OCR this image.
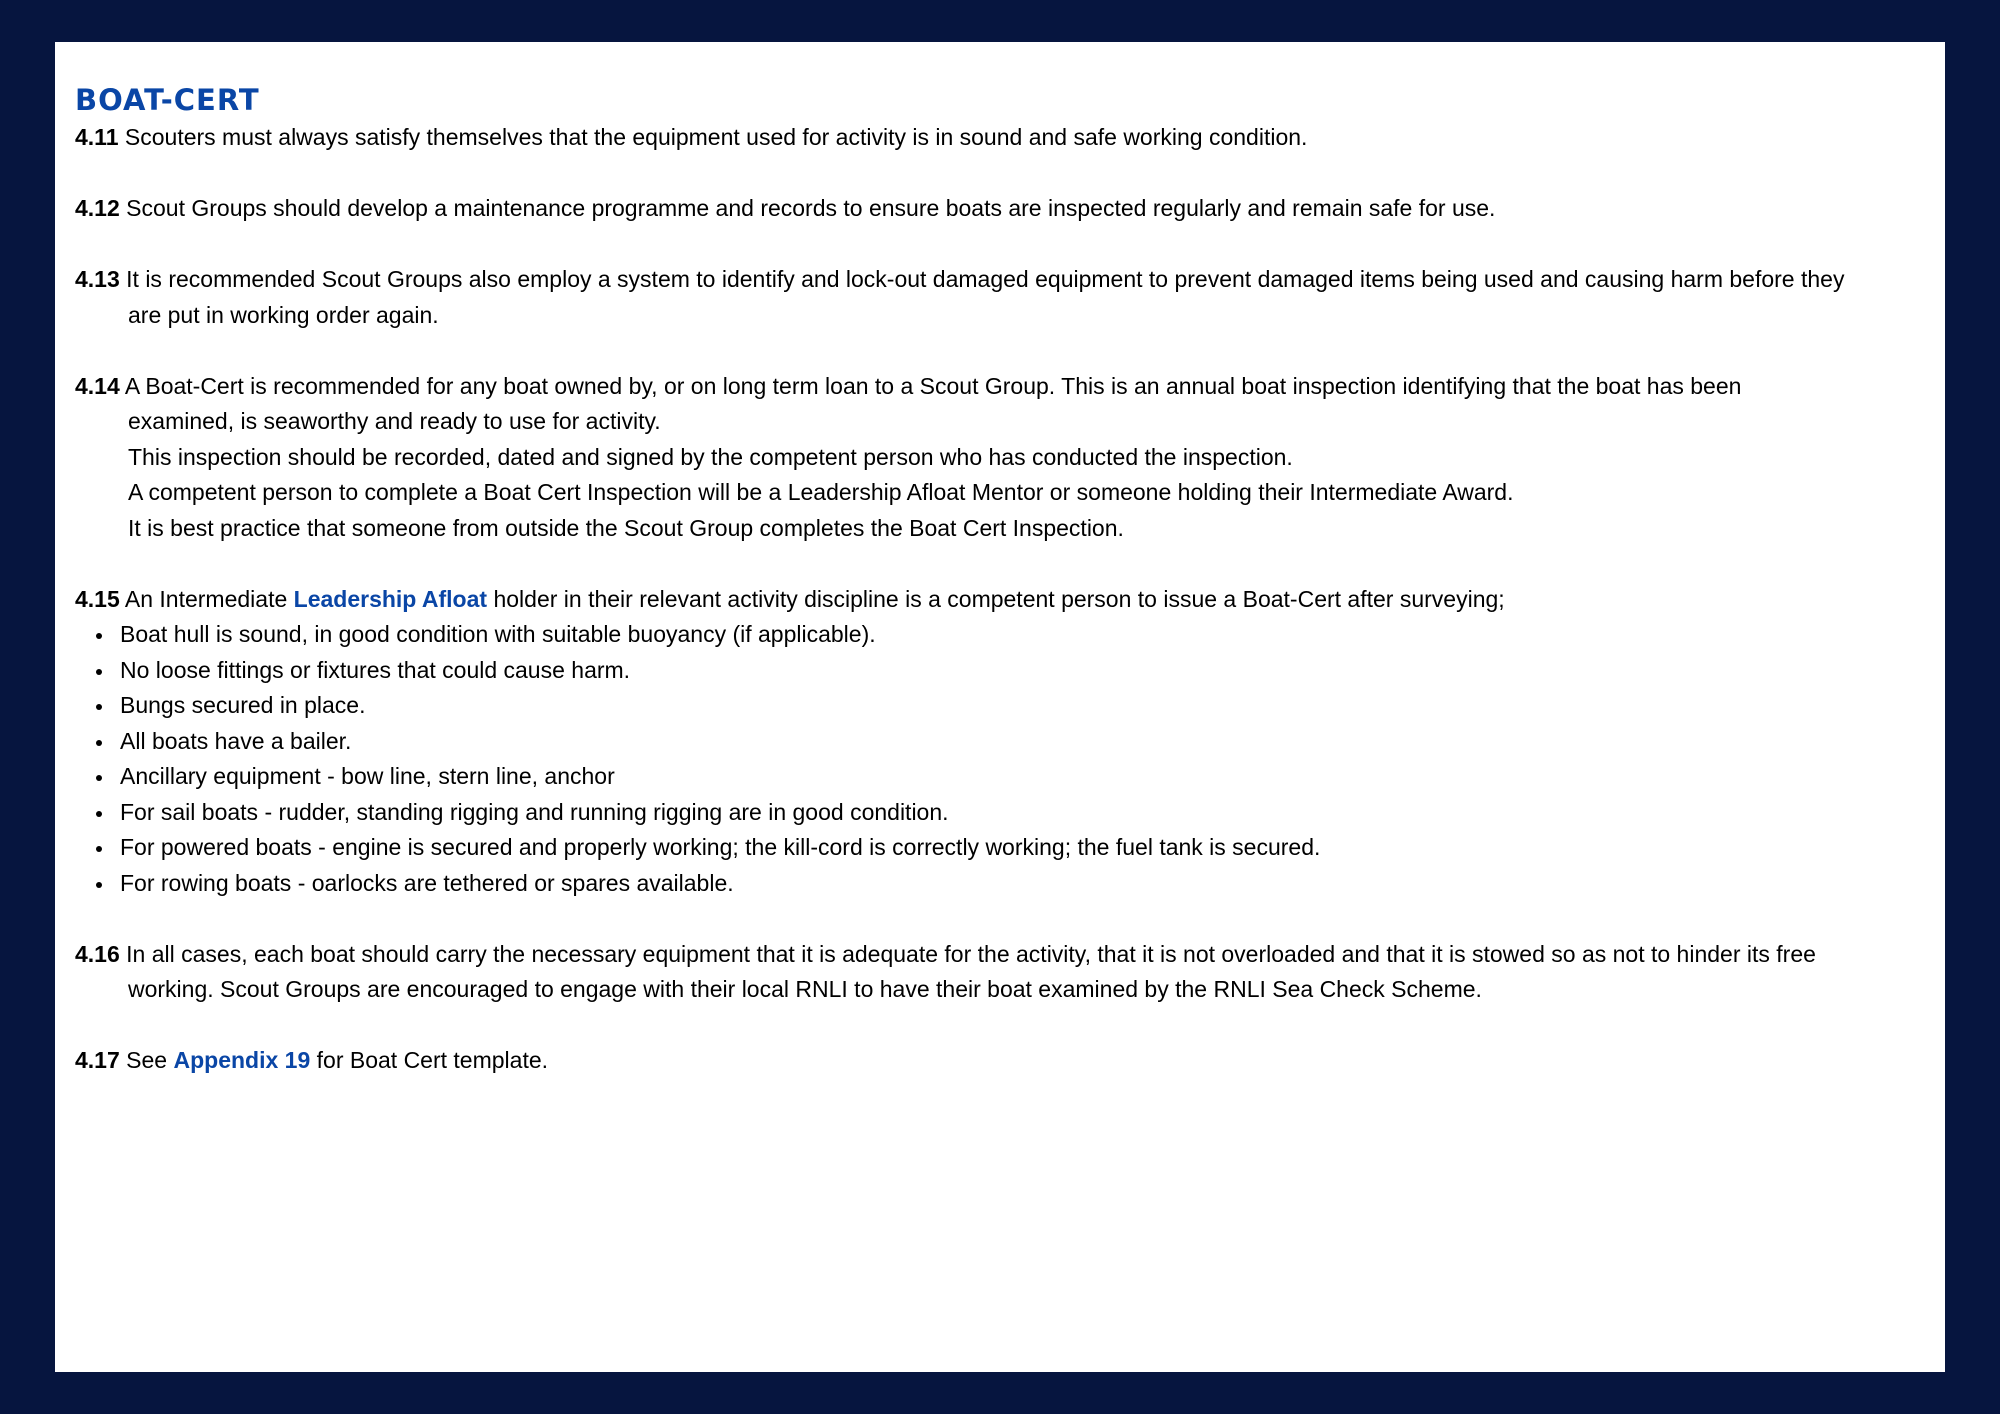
BOAT-CERT

4.11 Scouters must always satisfy themselves that the equipment used for activity is in sound and safe working condition.

4.12 Scout Groups should develop a maintenance programme and records to ensure boats are inspected regularly and remain safe for use.

4.13 It is recommended Scout Groups also employ a system to identify and lock-out damaged equipment to prevent damaged items being used and causing harm before they
are put in working order again.

4.14 A Boat-Cert is recommended for any boat owned by, or on long term loan to a Scout Group. This is an annual boat inspection identifying that the boat has been
examined, is seaworthy and ready to use for activity.
This inspection should be recorded, dated and signed by the competent person who has conducted the inspection.
A competent person to complete a Boat Cert Inspection will be a Leadership Afloat Mentor or someone holding their Intermediate Award.
It is best practice that someone from outside the Scout Group completes the Boat Cert Inspection.

4.15 An Intermediate Leadership Afloat holder in their relevant activity discipline is a competent person to issue a Boat-Cert after surveying;

Boat hull is sound, in good condition with suitable buoyancy (if applicable).
No loose fittings or fixtures that could cause harm.
Bungs secured in place.
All boats have a bailer.
Ancillary equipment - bow line, stern line, anchor
For sail boats - rudder, standing rigging and running rigging are in good condition.
For powered boats - engine is secured and properly working; the kill-cord is correctly working; the fuel tank is secured.
For rowing boats - oarlocks are tethered or spares available.

4.16 In all cases, each boat should carry the necessary equipment that it is adequate for the activity, that it is not overloaded and that it is stowed so as not to hinder its free
working. Scout Groups are encouraged to engage with their local RNLI to have their boat examined by the RNLI Sea Check Scheme.

4.17 See Appendix 19 for Boat Cert template.
